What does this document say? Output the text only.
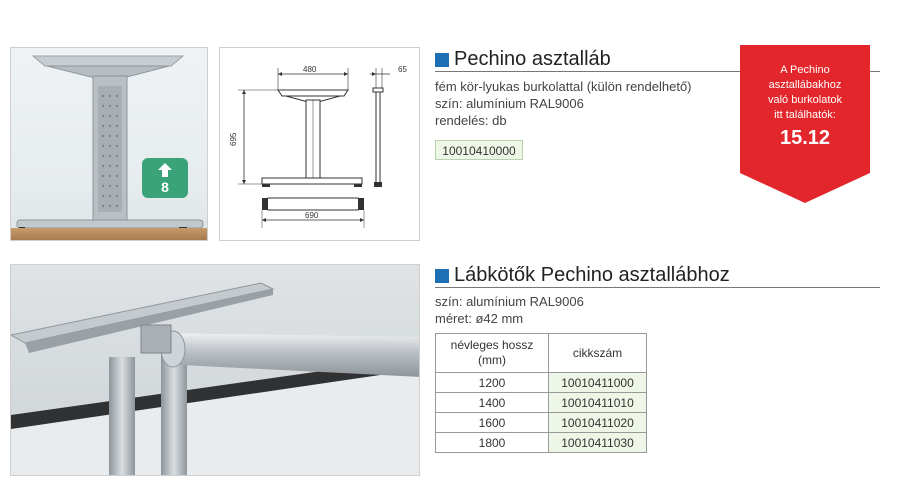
8
480	65
695
690
Pechino asztalláb
fém kör-lyukas burkolattal (külön rendelhető)
szín: alumínium RAL9006
rendelés: db
10010410000
A Pechino
asztallábakhoz
való burkolatok
itt találhatók:
15.12
Lábkötők Pechino asztallábhoz
szín: alumínium RAL9006
méret: ø42 mm
névleges hossz
(mm)	cikkszám
1200	10010411000
1400	10010411010
1600	10010411020
1800	10010411030
